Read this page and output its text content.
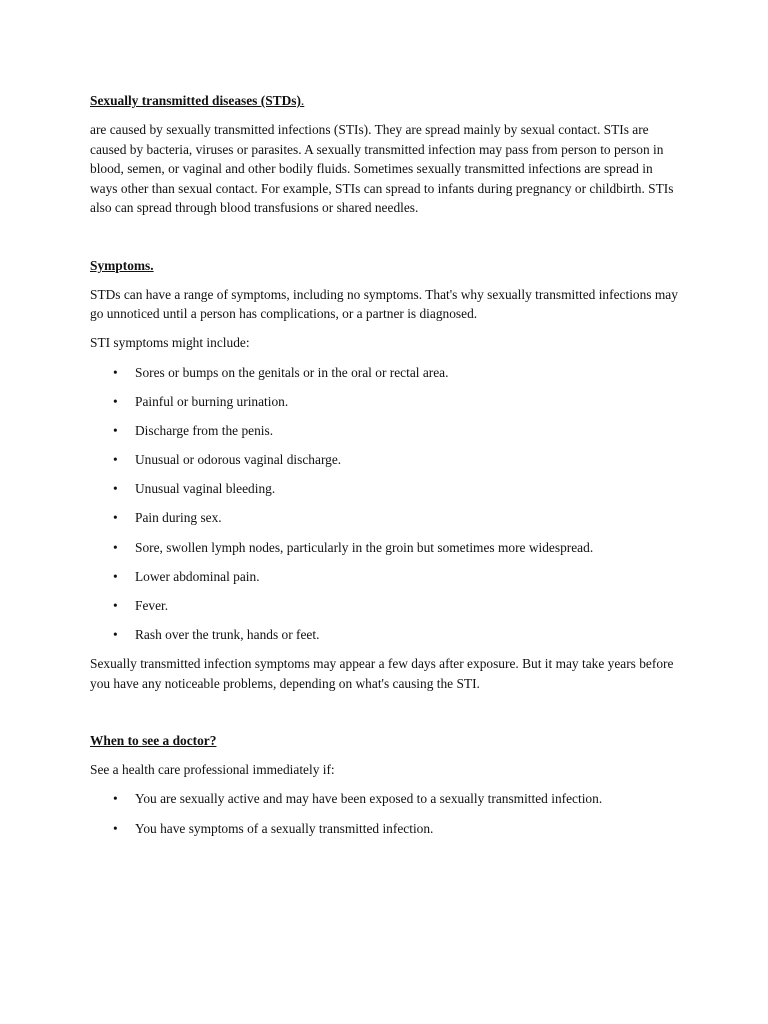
Sexually transmitted diseases (STDs).

are caused by sexually transmitted infections (STIs). They are spread mainly by sexual contact. STIs are caused by bacteria, viruses or parasites. A sexually transmitted infection may pass from person to person in blood, semen, or vaginal and other bodily fluids. Sometimes sexually transmitted infections are spread in ways other than sexual contact. For example, STIs can spread to infants during pregnancy or childbirth. STIs also can spread through blood transfusions or shared needles.

Symptoms.

STDs can have a range of symptoms, including no symptoms. That's why sexually transmitted infections may go unnoticed until a person has complications, or a partner is diagnosed.

STI symptoms might include:

• Sores or bumps on the genitals or in the oral or rectal area.
• Painful or burning urination.
• Discharge from the penis.
• Unusual or odorous vaginal discharge.
• Unusual vaginal bleeding.
• Pain during sex.
• Sore, swollen lymph nodes, particularly in the groin but sometimes more widespread.
• Lower abdominal pain.
• Fever.
• Rash over the trunk, hands or feet.

Sexually transmitted infection symptoms may appear a few days after exposure. But it may take years before you have any noticeable problems, depending on what's causing the STI.

When to see a doctor?

See a health care professional immediately if:

• You are sexually active and may have been exposed to a sexually transmitted infection.
• You have symptoms of a sexually transmitted infection.
